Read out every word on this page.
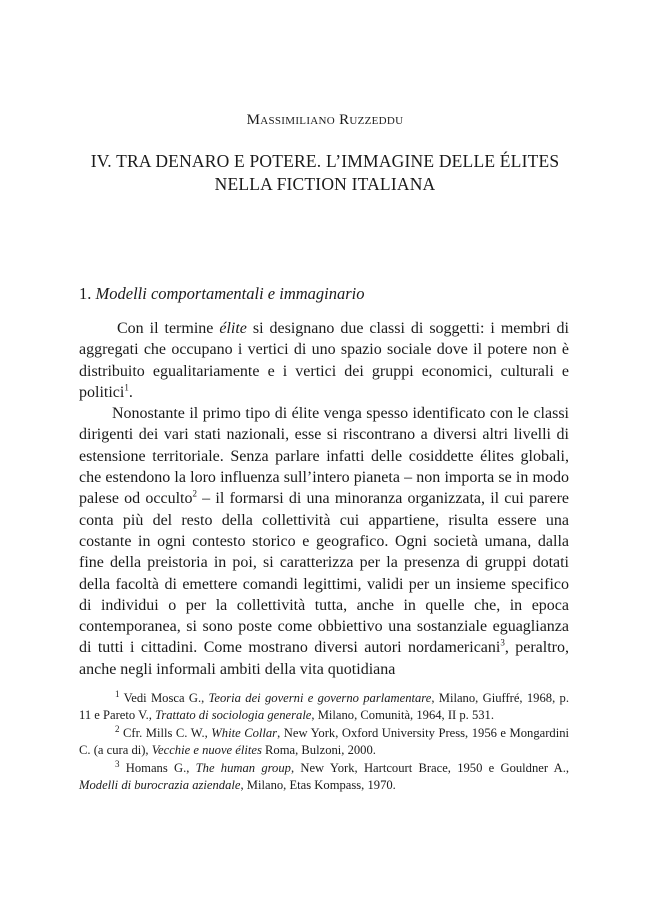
Massimiliano Ruzzeddu
IV. TRA DENARO E POTERE. L’IMMAGINE DELLE ÉLITES
NELLA FICTION ITALIANA
1. Modelli comportamentali e immaginario

Con il termine élite si designano due classi di soggetti: i membri di aggregati che occupano i vertici di uno spazio sociale dove il potere non è distribuito egualitariamente e i vertici dei gruppi economici, culturali e politici$^1$.

Nonostante il primo tipo di élite venga spesso identificato con le classi dirigenti dei vari stati nazionali, esse si riscontrano a diversi altri livelli di estensione territoriale. Senza parlare infatti delle cosiddette élites globali, che estendono la loro influenza sull’intero pianeta – non importa se in modo palese od occulto$^2$ – il formarsi di una minoranza organizzata, il cui parere conta più del resto della collettività cui appartiene, risulta essere una costante in ogni contesto storico e geografico. Ogni società umana, dalla fine della preistoria in poi, si caratterizza per la presenza di gruppi dotati della facoltà di emettere comandi legittimi, validi per un insieme specifico di individui o per la collettività tutta, anche in quelle che, in epoca contemporanea, si sono poste come obbiettivo una sostanziale eguaglianza di tutti i cittadini. Come mostrano diversi autori nordamericani$^3$, peraltro, anche negli informali ambiti della vita quotidiana

$^1$ Vedi Mosca G., Teoria dei governi e governo parlamentare, Milano, Giuffré, 1968, p. 11 e Pareto V., Trattato di sociologia generale, Milano, Comunità, 1964, II p. 531.

$^2$ Cfr. Mills C. W., White Collar, New York, Oxford University Press, 1956 e Mongardini C. (a cura di), Vecchie e nuove élites Roma, Bulzoni, 2000.

$^3$ Homans G., The human group, New York, Hartcourt Brace, 1950 e Gouldner A., Modelli di burocrazia aziendale, Milano, Etas Kompass, 1970.
